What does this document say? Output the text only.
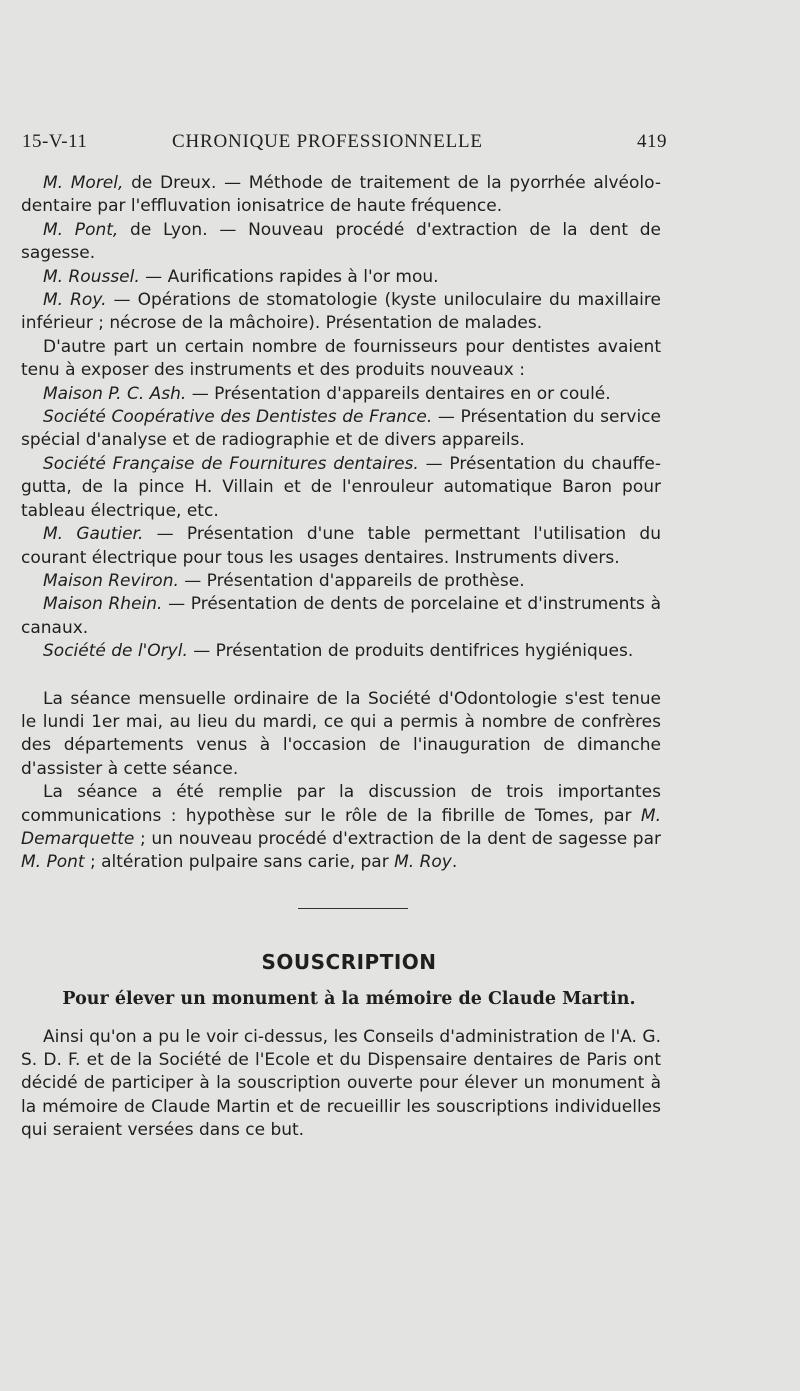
15-V-11	CHRONIQUE PROFESSIONNELLE	419

M. Morel, de Dreux. — Méthode de traitement de la pyorrhée alvéolo-dentaire par l'effluvation ionisatrice de haute fréquence.

M. Pont, de Lyon. — Nouveau procédé d'extraction de la dent de sagesse.

M. Roussel. — Aurifications rapides à l'or mou.

M. Roy. — Opérations de stomatologie (kyste uniloculaire du maxillaire inférieur ; nécrose de la mâchoire). Présentation de malades.

D'autre part un certain nombre de fournisseurs pour dentistes avaient tenu à exposer des instruments et des produits nouveaux :

Maison P. C. Ash. — Présentation d'appareils dentaires en or coulé.

Société Coopérative des Dentistes de France. — Présentation du service spécial d'analyse et de radiographie et de divers appareils.

Société Française de Fournitures dentaires. — Présentation du chauffe-gutta, de la pince H. Villain et de l'enrouleur automatique Baron pour tableau électrique, etc.

M. Gautier. — Présentation d'une table permettant l'utilisation du courant électrique pour tous les usages dentaires. Instruments divers.

Maison Reviron. — Présentation d'appareils de prothèse.

Maison Rhein. — Présentation de dents de porcelaine et d'instruments à canaux.

Société de l'Oryl. — Présentation de produits dentifrices hygiéniques.

La séance mensuelle ordinaire de la Société d'Odontologie s'est tenue le lundi 1er mai, au lieu du mardi, ce qui a permis à nombre de confrères des départements venus à l'occasion de l'inauguration de dimanche d'assister à cette séance.

La séance a été remplie par la discussion de trois importantes communications : hypothèse sur le rôle de la fibrille de Tomes, par M. Demarquette ; un nouveau procédé d'extraction de la dent de sagesse par M. Pont ; altération pulpaire sans carie, par M. Roy.

SOUSCRIPTION
Pour élever un monument à la mémoire de Claude Martin.

Ainsi qu'on a pu le voir ci-dessus, les Conseils d'administration de l'A. G. S. D. F. et de la Société de l'Ecole et du Dispensaire dentaires de Paris ont décidé de participer à la souscription ouverte pour élever un monument à la mémoire de Claude Martin et de recueillir les souscriptions individuelles qui seraient versées dans ce but.
